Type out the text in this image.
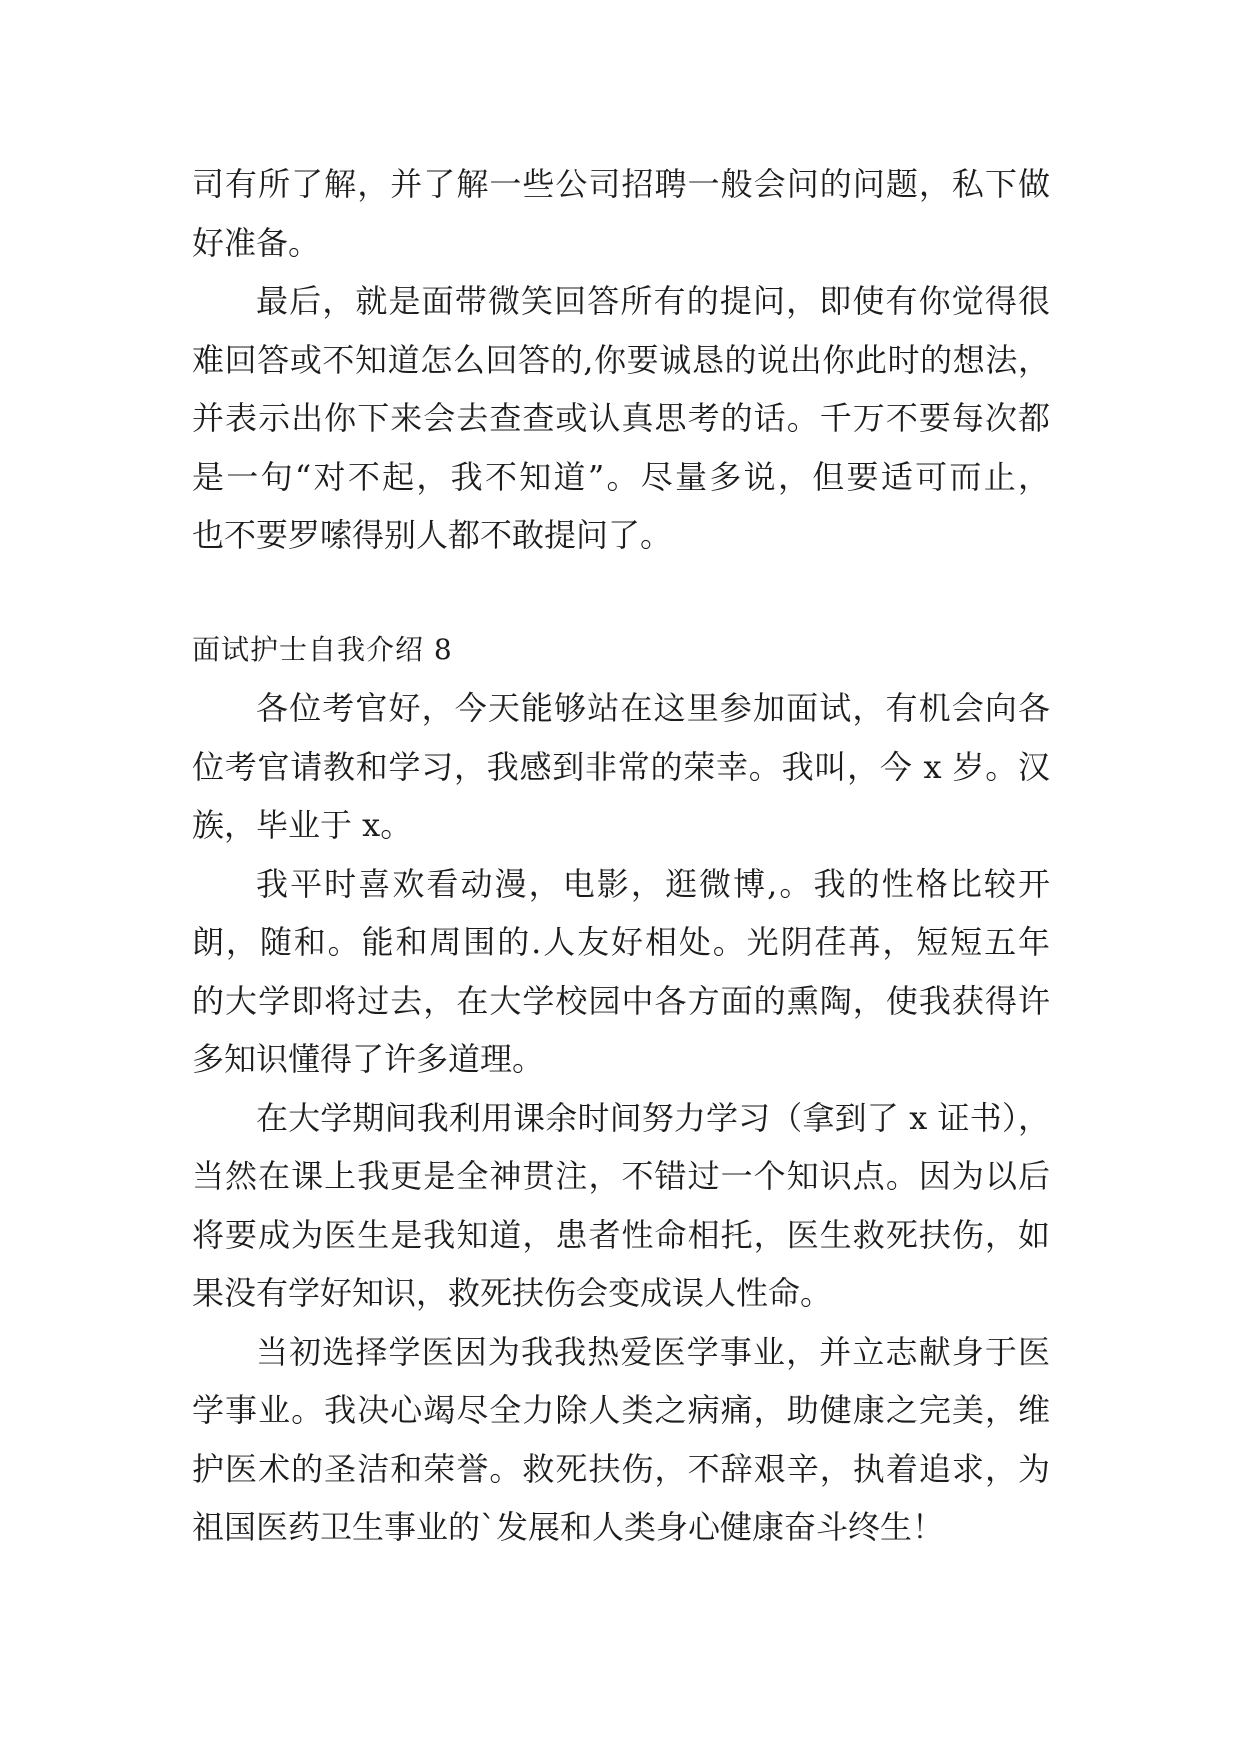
司有所了解，并了解一些公司招聘一般会问的问题，私下做
好准备。
最后，就是面带微笑回答所有的提问，即使有你觉得很
难回答或不知道怎么回答的,你要诚恳的说出你此时的想法，
并表示出你下来会去查查或认真思考的话。千万不要每次都
是一句“对不起，我不知道”。尽量多说，但要适可而止，
也不要罗嗦得别人都不敢提问了。
面试护士自我介绍 8
各位考官好，今天能够站在这里参加面试，有机会向各
位考官请教和学习，我感到非常的荣幸。我叫，今 x 岁。汉
族，毕业于 x。
我平时喜欢看动漫，电影，逛微博,。我的性格比较开
朗，随和。能和周围的.人友好相处。光阴荏苒，短短五年
的大学即将过去，在大学校园中各方面的熏陶，使我获得许
多知识懂得了许多道理。
在大学期间我利用课余时间努力学习（拿到了 x 证书），
当然在课上我更是全神贯注，不错过一个知识点。因为以后
将要成为医生是我知道，患者性命相托，医生救死扶伤，如
果没有学好知识，救死扶伤会变成误人性命。
当初选择学医因为我我热爱医学事业，并立志献身于医
学事业。我决心竭尽全力除人类之病痛，助健康之完美，维
护医术的圣洁和荣誉。救死扶伤，不辞艰辛，执着追求，为
祖国医药卫生事业的`发展和人类身心健康奋斗终生！
